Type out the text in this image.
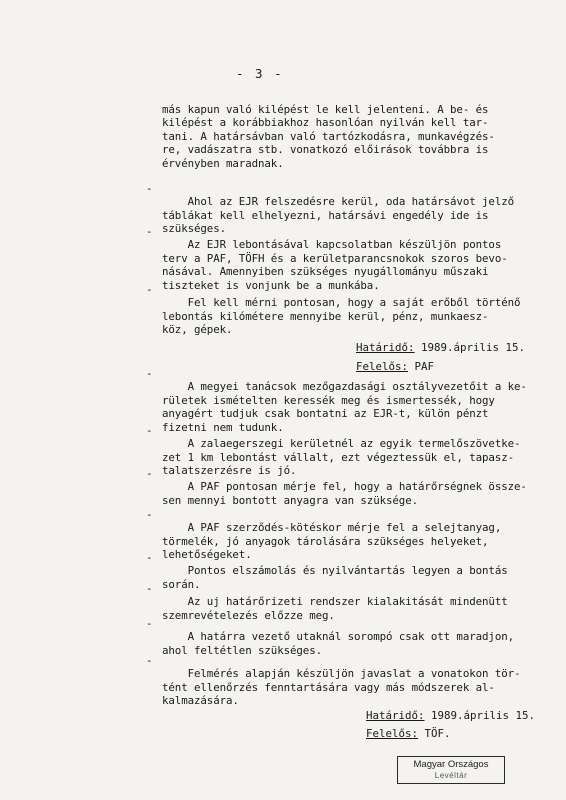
- 3 -
más kapun való kilépést le kell jelenteni. A be- és
kilépést a korábbiakhoz hasonlóan nyilván kell tar-
tani. A határsávban való tartózkodásra, munkavégzés-
re, vadászatra stb. vonatkozó előirások továbbra is
érvényben maradnak.

-
Ahol az EJR felszedésre kerül, oda határsávot jelző
táblákat kell elhelyezni, határsávi engedély ide is
szükséges.

-
Az EJR lebontásával kapcsolatban készüljön pontos
terv a PAF, TÖFH és a kerületparancsnokok szoros bevo-
násával. Amennyiben szükséges nyugállományu műszaki
tiszteket is vonjunk be a munkába.

-
Fel kell mérni pontosan, hogy a saját erőből történő
lebontás kilómétere mennyibe kerül, pénz, munkaesz-
köz, gépek.

Határidő: 1989.április 15.

Felelős: PAF

-
A megyei tanácsok mezőgazdasági osztályvezetőit a ke-
rületek ismételten keressék meg és ismertessék, hogy
anyagért tudjuk csak bontatni az EJR-t, külön pénzt
fizetni nem tudunk.

-
A zalaegerszegi kerületnél az egyik termelőszövetke-
zet 1 km lebontást vállalt, ezt végeztessük el, tapasz-
talatszerzésre is jó.

-
A PAF pontosan mérje fel, hogy a határőrségnek össze-
sen mennyi bontott anyagra van szüksége.

-
A PAF szerződés-kötéskor mérje fel a selejtanyag,
törmelék, jó anyagok tárolására szükséges helyeket,
lehetőségeket.

-
Pontos elszámolás és nyilvántartás legyen a bontás
során.

-
Az uj határőrizeti rendszer kialakitását mindenütt
szemrevételezés előzze meg.

-
A határra vezető utaknál sorompó csak ott maradjon,
ahol feltétlen szükséges.

-
Felmérés alapján készüljön javaslat a vonatokon tör-
tént ellenőrzés fenntartására vagy más módszerek al-
kalmazására.

Határidő: 1989.április 15.

Felelős: TÖF.

Magyar Országos
Levéltár
